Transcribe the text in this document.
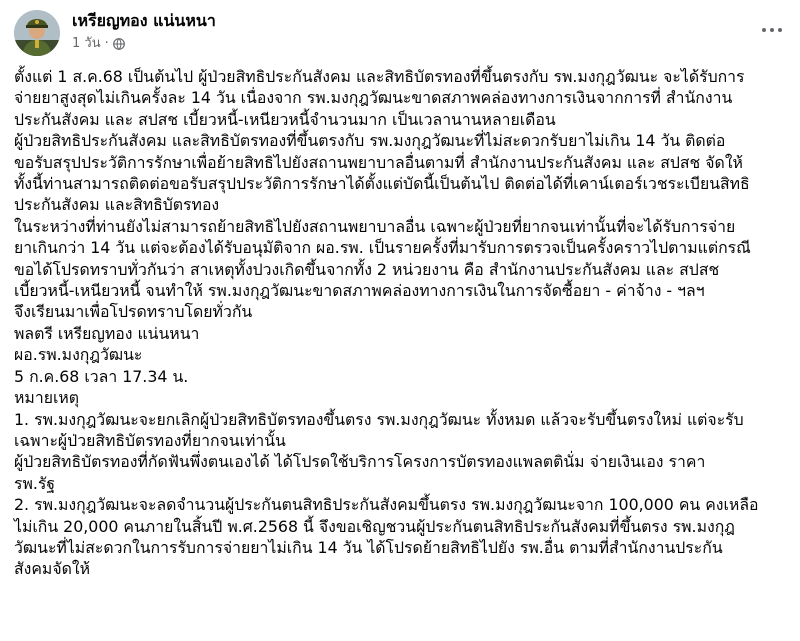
เหรียญทอง แน่นหนา
1 วัน ·

ตั้งแต่ 1 ส.ค.68 เป็นต้นไป ผู้ป่วยสิทธิประกันสังคม และสิทธิบัตรทองที่ขึ้นตรงกับ รพ.มงกุฎวัฒนะ จะได้รับการ

จ่ายยาสูงสุดไม่เกินครั้งละ 14 วัน เนื่องจาก รพ.มงกุฎวัฒนะขาดสภาพคล่องทางการเงินจากการที่ สำนักงาน

ประกันสังคม และ สปสช เบี้ยวหนี้-เหนียวหนี้จำนวนมาก เป็นเวลานานหลายเดือน

ผู้ป่วยสิทธิประกันสังคม และสิทธิบัตรทองที่ขึ้นตรงกับ รพ.มงกุฎวัฒนะที่ไม่สะดวกรับยาไม่เกิน 14 วัน ติดต่อ

ขอรับสรุปประวัติการรักษาเพื่อย้ายสิทธิไปยังสถานพยาบาลอื่นตามที่ สำนักงานประกันสังคม และ สปสช จัดให้

ทั้งนี้ท่านสามารถติดต่อขอรับสรุปประวัติการรักษาได้ตั้งแต่บัดนี้เป็นต้นไป ติดต่อได้ที่เคาน์เตอร์เวชระเบียนสิทธิ

ประกันสังคม และสิทธิบัตรทอง

ในระหว่างที่ท่านยังไม่สามารถย้ายสิทธิไปยังสถานพยาบาลอื่น เฉพาะผู้ป่วยที่ยากจนเท่านั้นที่จะได้รับการจ่าย

ยาเกินกว่า 14 วัน แต่จะต้องได้รับอนุมัติจาก ผอ.รพ. เป็นรายครั้งที่มารับการตรวจเป็นครั้งคราวไปตามแต่กรณี

ขอได้โปรดทราบทั่วกันว่า สาเหตุทั้งปวงเกิดขึ้นจากทั้ง 2 หน่วยงาน คือ สำนักงานประกันสังคม และ สปสช

เบี้ยวหนี้-เหนียวหนี้ จนทำให้ รพ.มงกุฎวัฒนะขาดสภาพคล่องทางการเงินในการจัดซื้อยา - ค่าจ้าง - ฯลฯ

จึงเรียนมาเพื่อโปรดทราบโดยทั่วกัน

พลตรี เหรียญทอง แน่นหนา

ผอ.รพ.มงกุฎวัฒนะ

5 ก.ค.68 เวลา 17.34 น.

หมายเหตุ

1. รพ.มงกุฎวัฒนะจะยกเลิกผู้ป่วยสิทธิบัตรทองขึ้นตรง รพ.มงกุฎวัฒนะ ทั้งหมด แล้วจะรับขึ้นตรงใหม่ แต่จะรับ

เฉพาะผู้ป่วยสิทธิบัตรทองที่ยากจนเท่านั้น

ผู้ป่วยสิทธิบัตรทองที่กัดฟันพึ่งตนเองได้ ได้โปรดใช้บริการโครงการบัตรทองแพลตตินั่ม จ่ายเงินเอง ราคา

รพ.รัฐ

2. รพ.มงกุฎวัฒนะจะลดจำนวนผู้ประกันตนสิทธิประกันสังคมขึ้นตรง รพ.มงกุฎวัฒนะจาก 100,000 คน คงเหลือ

ไม่เกิน 20,000 คนภายในสิ้นปี พ.ศ.2568 นี้ จึงขอเชิญชวนผู้ประกันตนสิทธิประกันสังคมที่ขึ้นตรง รพ.มงกุฎ

วัฒนะที่ไม่สะดวกในการรับการจ่ายยาไม่เกิน 14 วัน ได้โปรดย้ายสิทธิไปยัง รพ.อื่น ตามที่สำนักงานประกัน

สังคมจัดให้
